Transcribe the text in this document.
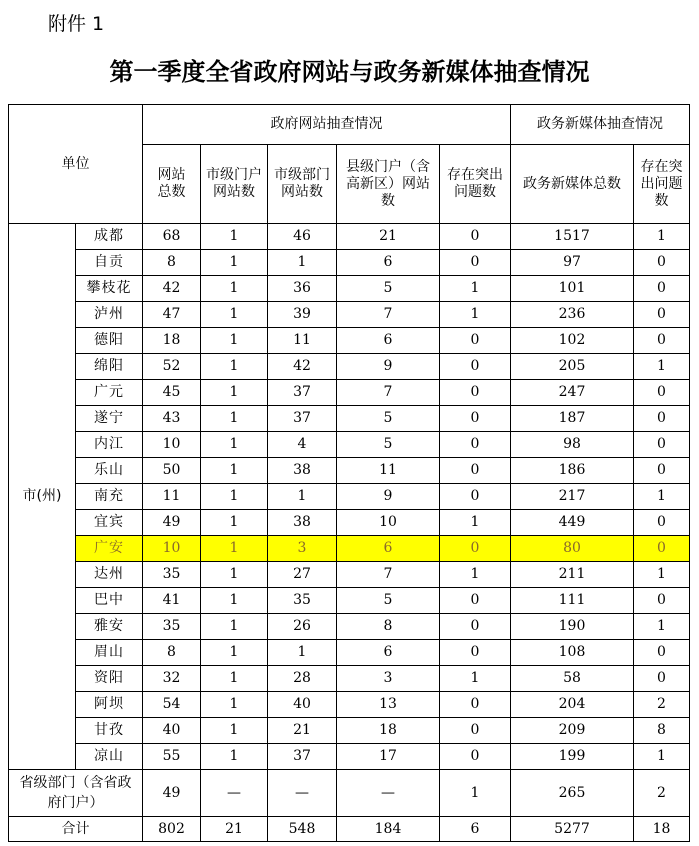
附件 1
第一季度全省政府网站与政务新媒体抽查情况
单位		政府网站抽查情况					政务新媒体抽查情况	
		网站总数	市级门户网站数	市级部门网站数	县级门户（含高新区）网站数	存在突出问题数	政务新媒体总数	存在突出问题数
市(州)	成都	68	1	46	21	0	1517	1
	自贡	8	1	1	6	0	97	0
	攀枝花	42	1	36	5	1	101	0
	泸州	47	1	39	7	1	236	0
	德阳	18	1	11	6	0	102	0
	绵阳	52	1	42	9	0	205	1
	广元	45	1	37	7	0	247	0
	遂宁	43	1	37	5	0	187	0
	内江	10	1	4	5	0	98	0
	乐山	50	1	38	11	0	186	0
	南充	11	1	1	9	0	217	1
	宜宾	49	1	38	10	1	449	0
	广安	10	1	3	6	0	80	0
	达州	35	1	27	7	1	211	1
	巴中	41	1	35	5	0	111	0
	雅安	35	1	26	8	0	190	1
	眉山	8	1	1	6	0	108	0
	资阳	32	1	28	3	1	58	0
	阿坝	54	1	40	13	0	204	2
	甘孜	40	1	21	18	0	209	8
	凉山	55	1	37	17	0	199	1
省级部门（含省政府门户）		49	—	—	—	1	265	2
合计		802	21	548	184	6	5277	18
